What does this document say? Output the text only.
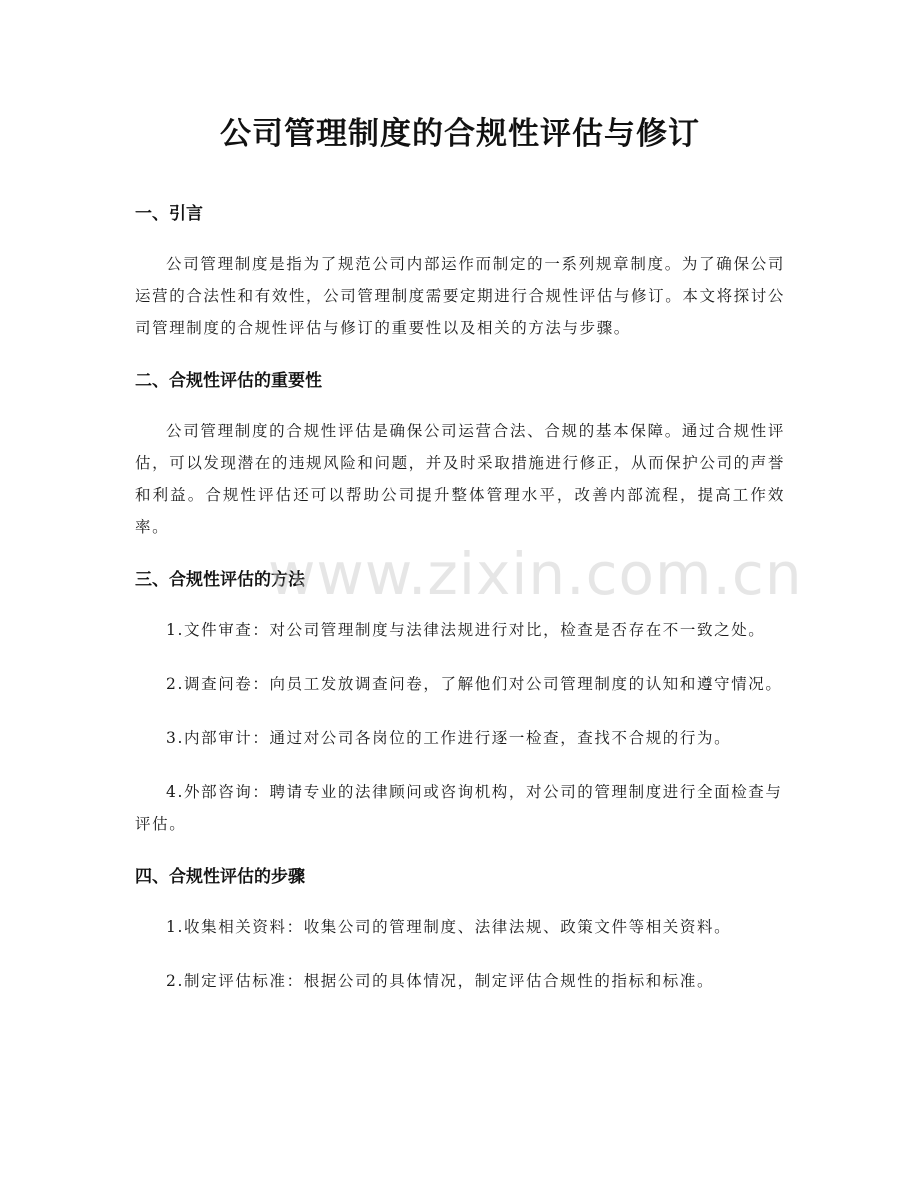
公司管理制度的合规性评估与修订
一、引言

公司管理制度是指为了规范公司内部运作而制定的一系列规章制度。为了确保公司运营的合法性和有效性，公司管理制度需要定期进行合规性评估与修订。本文将探讨公司管理制度的合规性评估与修订的重要性以及相关的方法与步骤。

二、合规性评估的重要性

公司管理制度的合规性评估是确保公司运营合法、合规的基本保障。通过合规性评估，可以发现潜在的违规风险和问题，并及时采取措施进行修正，从而保护公司的声誉和利益。合规性评估还可以帮助公司提升整体管理水平，改善内部流程，提高工作效率。

三、合规性评估的方法

1.文件审查：对公司管理制度与法律法规进行对比，检查是否存在不一致之处。

2.调查问卷：向员工发放调查问卷，了解他们对公司管理制度的认知和遵守情况。

3.内部审计：通过对公司各岗位的工作进行逐一检查，查找不合规的行为。

4.外部咨询：聘请专业的法律顾问或咨询机构，对公司的管理制度进行全面检查与评估。

四、合规性评估的步骤

1.收集相关资料：收集公司的管理制度、法律法规、政策文件等相关资料。

2.制定评估标准：根据公司的具体情况，制定评估合规性的指标和标准。

www.zixin.com.cn
